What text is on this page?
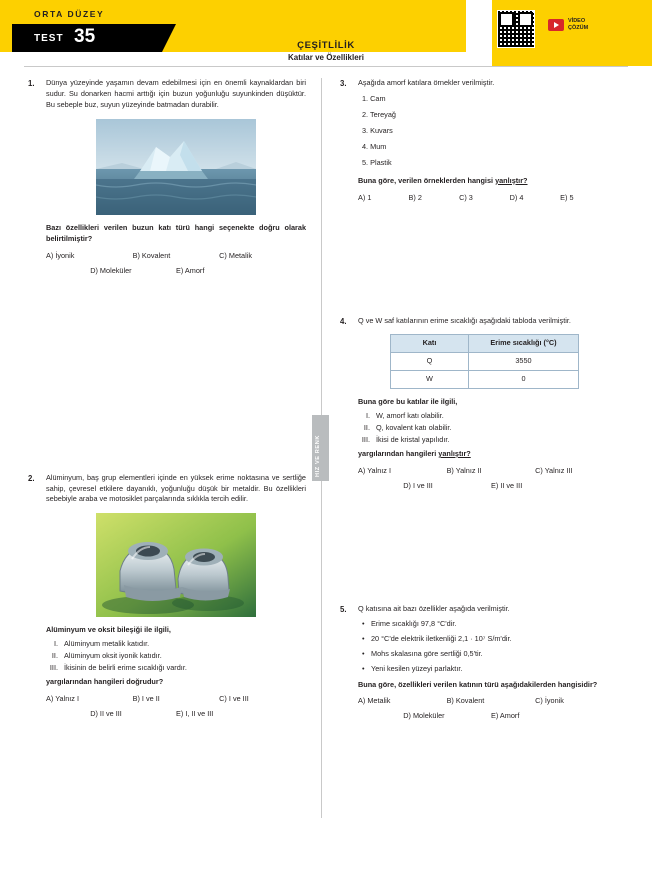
ORTA DÜZEY
TEST 35	ÇEŞİTLİLİK
Katılar ve Özellikleri
VİDEO
ÇÖZÜM
HIZ VE RENK
1. Dünya yüzeyinde yaşamın devam edebilmesi için en önemli kaynaklardan biri sudur. Su donarken hacmi arttığı için buzun yoğunluğu suyunkinden düşüktür. Bu sebeple buz, suyun yüzeyinde batmadan durabilir.
Bazı özellikleri verilen buzun katı türü hangi seçenekte doğru olarak belirtilmiştir?
A) İyonik	B) Kovalent	C) Metalik
D) Moleküler	E) Amorf
2. Alüminyum, baş grup elementleri içinde en yüksek erime noktasına ve sertliğe sahip, çevresel etkilere dayanıklı, yoğunluğu düşük bir metaldir. Bu özellikleri sebebiyle araba ve motosiklet parçalarında sıklıkla tercih edilir.
Alüminyum ve oksit bileşiği ile ilgili,
I. Alüminyum metalik katıdır.
II. Alüminyum oksit iyonik katıdır.
III. İkisinin de belirli erime sıcaklığı vardır.
yargılarından hangileri doğrudur?
A) Yalnız I	B) I ve II	C) I ve III
D) II ve III	E) I, II ve III
3. Aşağıda amorf katılara örnekler verilmiştir.
1. Cam
2. Tereyağ
3. Kuvars
4. Mum
5. Plastik
Buna göre, verilen örneklerden hangisi yanlıştır?
A) 1	B) 2	C) 3	D) 4	E) 5
4. Q ve W saf katılarının erime sıcaklığı aşağıdaki tabloda verilmiştir.
Katı	Erime sıcaklığı (°C)
Q	3550
W	0
Buna göre bu katılar ile ilgili,
I. W, amorf katı olabilir.
II. Q, kovalent katı olabilir.
III. İkisi de kristal yapılıdır.
yargılarından hangileri yanlıştır?
A) Yalnız I	B) Yalnız II	C) Yalnız III
D) I ve III	E) II ve III
5. Q katısına ait bazı özellikler aşağıda verilmiştir.
• Erime sıcaklığı 97,8 °C'dir.
• 20 °C'de elektrik iletkenliği 2,1 · 10⁷ S/m'dir.
• Mohs skalasına göre sertliği 0,5'tir.
• Yeni kesilen yüzeyi parlaktır.
Buna göre, özellikleri verilen katının türü aşağıdakilerden hangisidir?
A) Metalik	B) Kovalent	C) İyonik
D) Moleküler	E) Amorf
